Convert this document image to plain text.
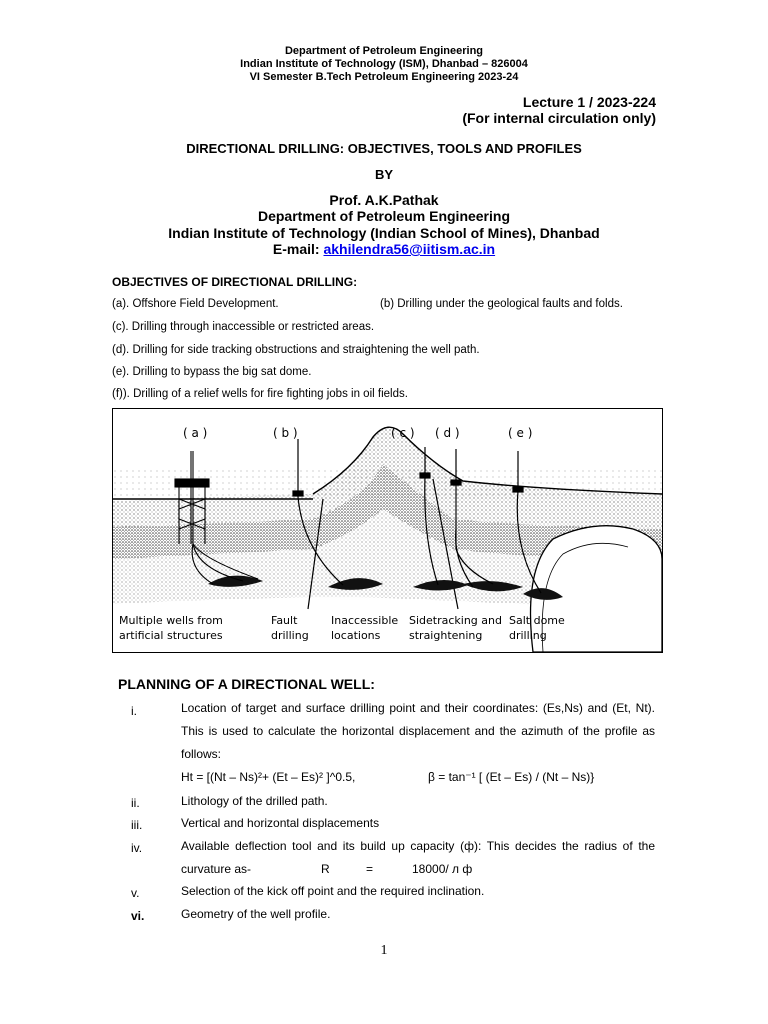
Department of Petroleum Engineering
Indian Institute of Technology (ISM), Dhanbad – 826004
VI Semester B.Tech Petroleum Engineering 2023-24
Lecture 1 / 2023-224
(For internal circulation only)
DIRECTIONAL DRILLING: OBJECTIVES, TOOLS AND PROFILES
BY
Prof. A.K.Pathak
Department of Petroleum Engineering
Indian Institute of Technology (Indian School of Mines), Dhanbad
E-mail: akhilendra56@iitism.ac.in
OBJECTIVES OF DIRECTIONAL DRILLING:
(a). Offshore Field Development.	(b) Drilling under the geological faults and folds.
(c). Drilling through inaccessible or restricted areas.
(d). Drilling for side tracking obstructions and straightening the well path.
(e). Drilling to bypass the big sat dome.
(f)). Drilling of a relief wells for fire fighting jobs in oil fields.
( a )	( b )	( c ) ( d )	( e )
Multiple wells from
artificial structures
Fault
drilling
Inaccessible
locations
Sidetracking and
straightening
Salt dome
drilling
PLANNING OF A DIRECTIONAL WELL:
i.	Location of target and surface drilling point and their coordinates: (Es,Ns) and (Et, Nt). This is used to calculate the horizontal displacement and the azimuth of the profile as follows:
Ht = [(Nt – Ns)²+ (Et – Es)² ]^0.5,	β = tan⁻¹ [ (Et – Es) / (Nt – Ns)}
ii.	Lithology of the drilled path.
iii.	Vertical and horizontal displacements
iv.	Available deflection tool and its build up capacity (ф): This decides the radius of the curvature as-	R	=	18000/ л ф
v.	Selection of the kick off point and the required inclination.
vi.	Geometry of the well profile.
1
